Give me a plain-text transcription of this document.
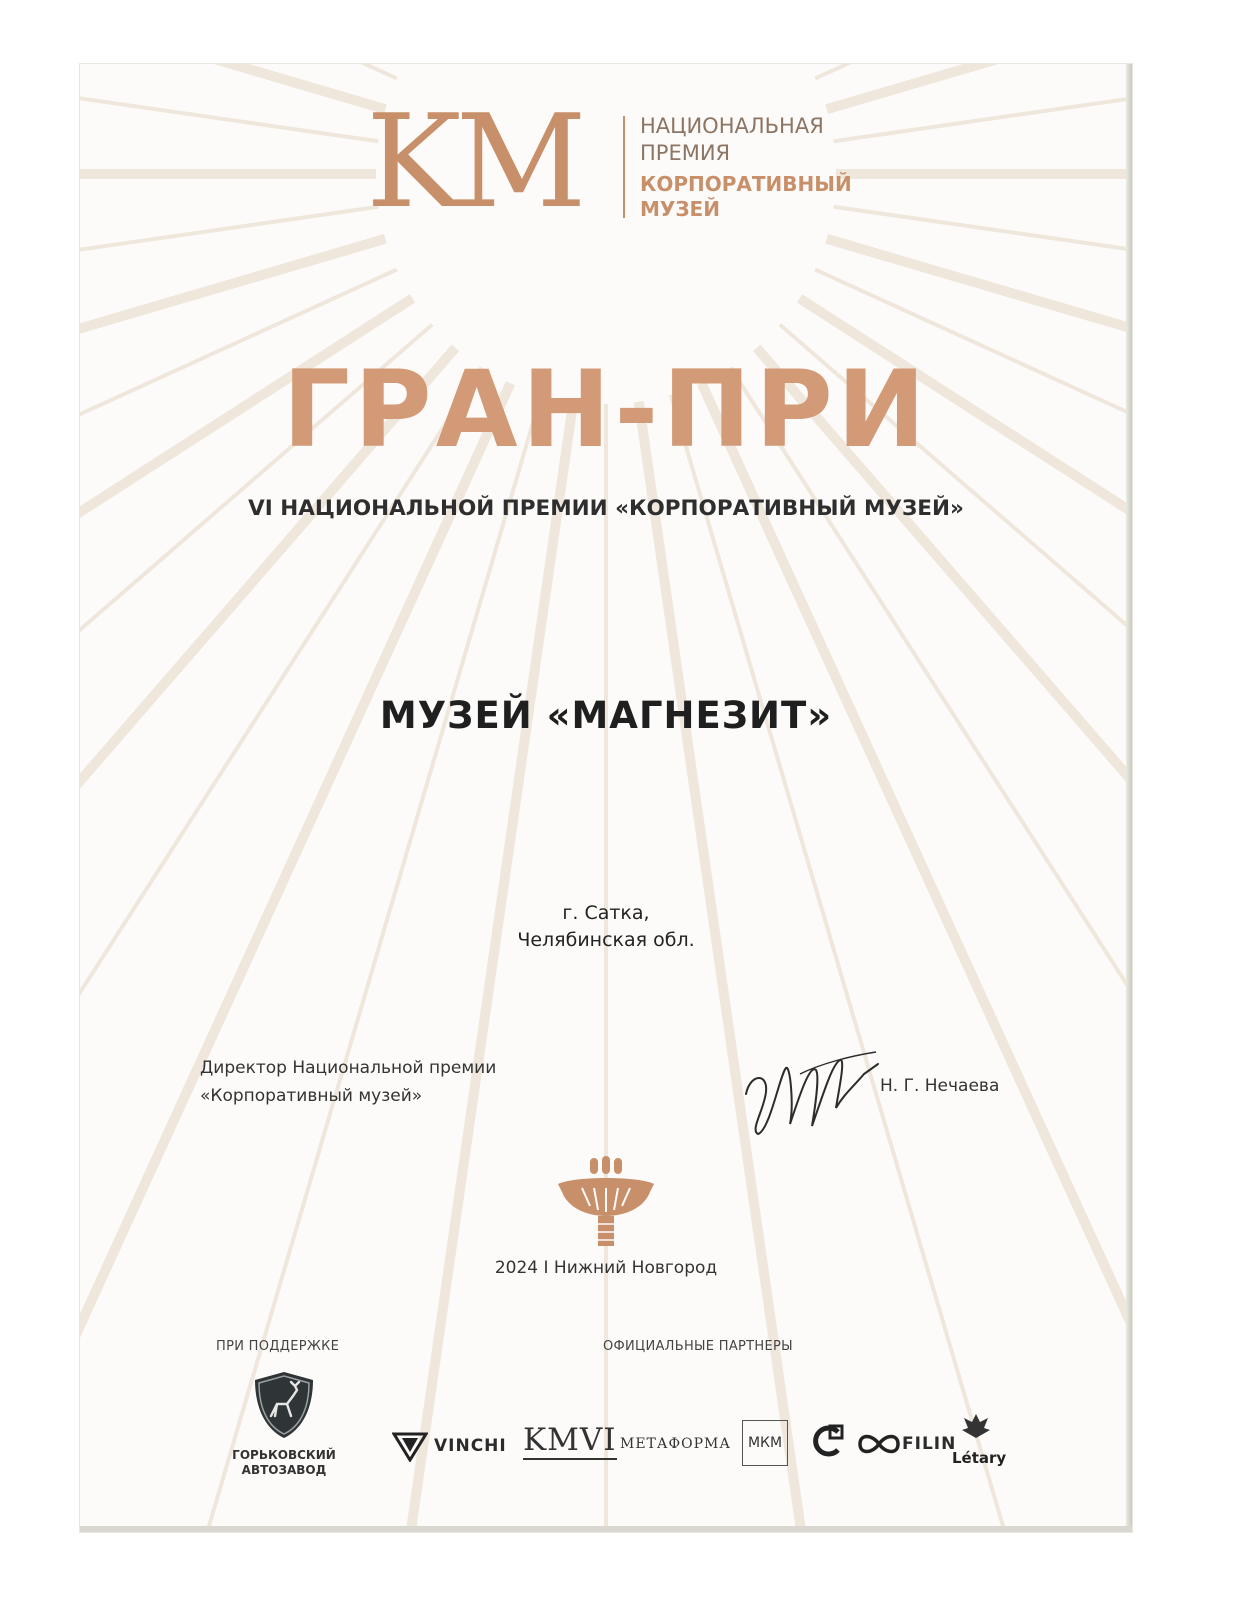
KM	НАЦИОНАЛЬНАЯ
ПРЕМИЯ
КОРПОРАТИВНЫЙ
МУЗЕЙ
ГРАН-ПРИ
VI НАЦИОНАЛЬНОЙ ПРЕМИИ «КОРПОРАТИВНЫЙ МУЗЕЙ»
МУЗЕЙ «МАГНЕЗИТ»
г. Сатка,
Челябинская обл.
Директор Национальной премии
«Корпоративный музей»	Н. Г. Нечаева
2024 I Нижний Новгород
ПРИ ПОДДЕРЖКЕ	ОФИЦИАЛЬНЫЕ ПАРТНЕРЫ
ГОРЬКОВСКИЙ
АВТОЗАВОД
VINCHI KMVI МЕТАФОРМА	МКМ	FILIN
Létary
